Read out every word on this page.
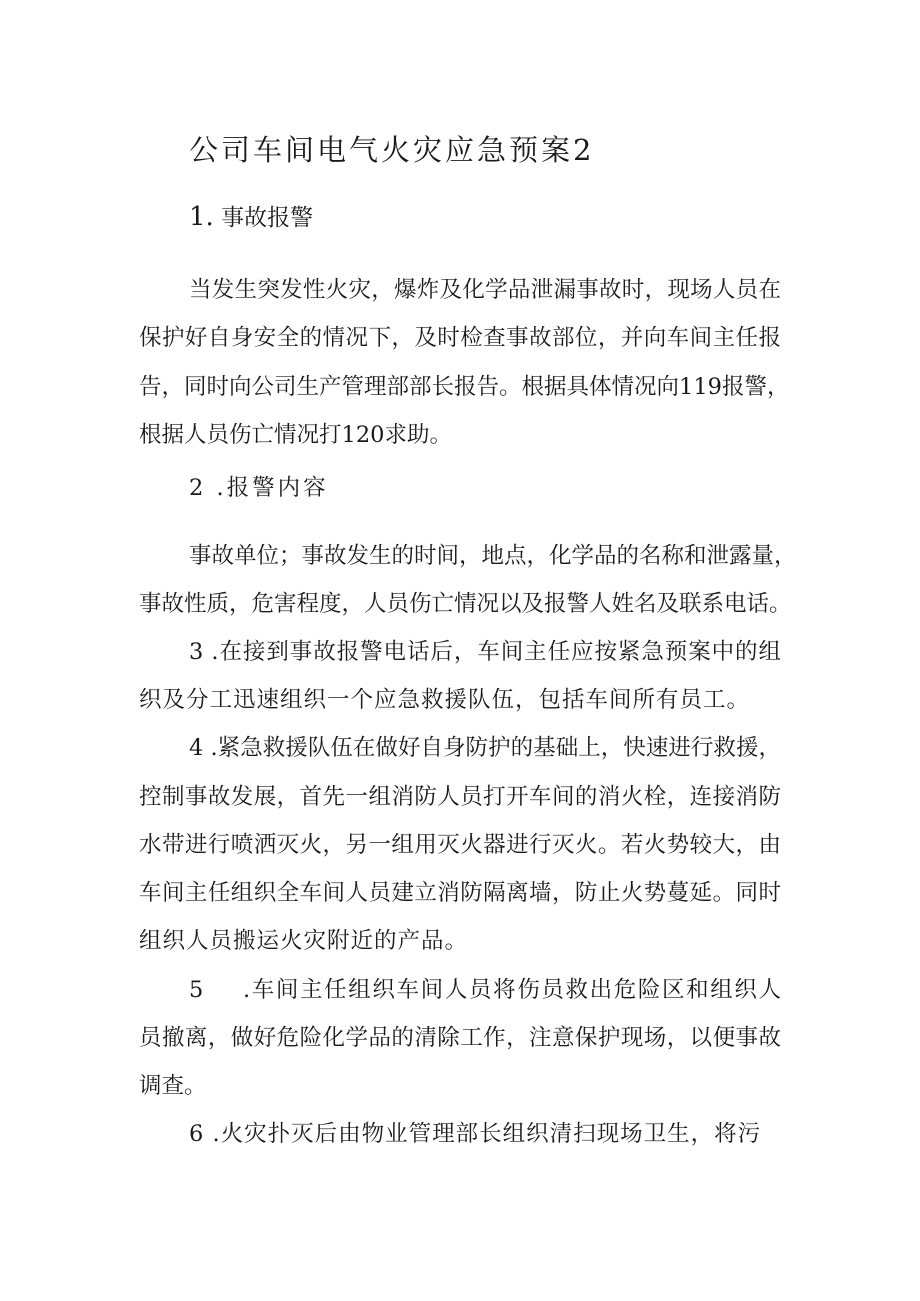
公司车间电气火灾应急预案2
1. 事故报警
当发生突发性火灾，爆炸及化学品泄漏事故时，现场人员在
保护好自身安全的情况下，及时检查事故部位，并向车间主任报
告，同时向公司生产管理部部长报告。根据具体情况向119报警，
根据人员伤亡情况打120求助。
2 .报警内容
事故单位；事故发生的时间，地点，化学品的名称和泄露量，
事故性质，危害程度，人员伤亡情况以及报警人姓名及联系电话。
3 .在接到事故报警电话后，车间主任应按紧急预案中的组
织及分工迅速组织一个应急救援队伍，包括车间所有员工。
4 .紧急救援队伍在做好自身防护的基础上，快速进行救援，
控制事故发展，首先一组消防人员打开车间的消火栓，连接消防
水带进行喷洒灭火，另一组用灭火器进行灭火。若火势较大，由
车间主任组织全车间人员建立消防隔离墙，防止火势蔓延。同时
组织人员搬运火灾附近的产品。
5 .车间主任组织车间人员将伤员救出危险区和组织人
员撤离，做好危险化学品的清除工作，注意保护现场，以便事故
调查。
6 .火灾扑灭后由物业管理部长组织清扫现场卫生，将污
